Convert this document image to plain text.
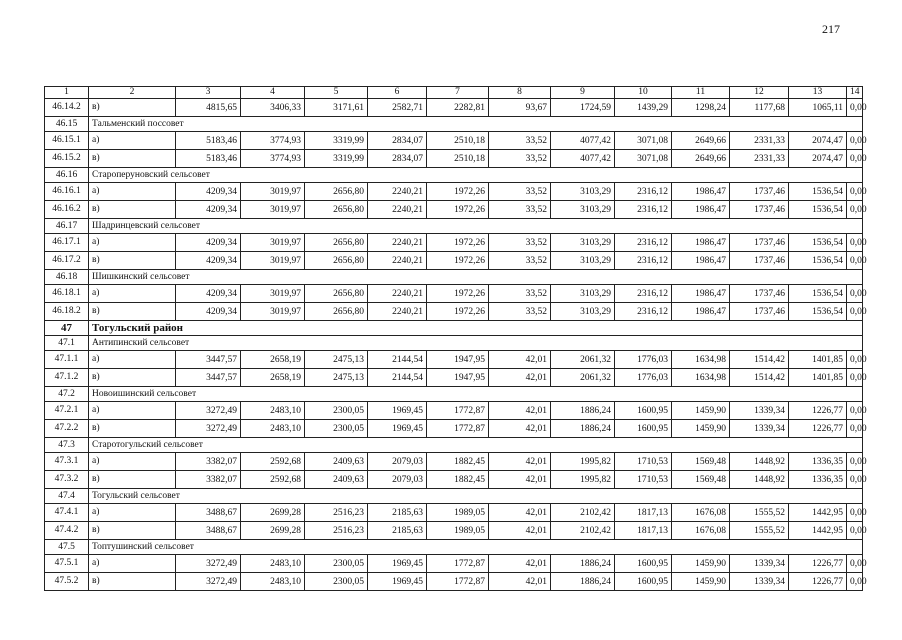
217
1	2	3	4	5	6	7	8	9	10	11	12	13	14
46.14.2	в)	4815,65	3406,33	3171,61	2582,71	2282,81	93,67	1724,59	1439,29	1298,24	1177,68	1065,11	0,00
46.15	Тальменский поссовет												
46.15.1	а)	5183,46	3774,93	3319,99	2834,07	2510,18	33,52	4077,42	3071,08	2649,66	2331,33	2074,47	0,00
46.15.2	в)	5183,46	3774,93	3319,99	2834,07	2510,18	33,52	4077,42	3071,08	2649,66	2331,33	2074,47	0,00
46.16	Староперуновский сельсовет												
46.16.1	а)	4209,34	3019,97	2656,80	2240,21	1972,26	33,52	3103,29	2316,12	1986,47	1737,46	1536,54	0,00
46.16.2	в)	4209,34	3019,97	2656,80	2240,21	1972,26	33,52	3103,29	2316,12	1986,47	1737,46	1536,54	0,00
46.17	Шадринцевский сельсовет												
46.17.1	а)	4209,34	3019,97	2656,80	2240,21	1972,26	33,52	3103,29	2316,12	1986,47	1737,46	1536,54	0,00
46.17.2	в)	4209,34	3019,97	2656,80	2240,21	1972,26	33,52	3103,29	2316,12	1986,47	1737,46	1536,54	0,00
46.18	Шишкинский сельсовет												
46.18.1	а)	4209,34	3019,97	2656,80	2240,21	1972,26	33,52	3103,29	2316,12	1986,47	1737,46	1536,54	0,00
46.18.2	в)	4209,34	3019,97	2656,80	2240,21	1972,26	33,52	3103,29	2316,12	1986,47	1737,46	1536,54	0,00
47	Тогульский район												
47.1	Антипинский сельсовет												
47.1.1	а)	3447,57	2658,19	2475,13	2144,54	1947,95	42,01	2061,32	1776,03	1634,98	1514,42	1401,85	0,00
47.1.2	в)	3447,57	2658,19	2475,13	2144,54	1947,95	42,01	2061,32	1776,03	1634,98	1514,42	1401,85	0,00
47.2	Новоишинский сельсовет												
47.2.1	а)	3272,49	2483,10	2300,05	1969,45	1772,87	42,01	1886,24	1600,95	1459,90	1339,34	1226,77	0,00
47.2.2	в)	3272,49	2483,10	2300,05	1969,45	1772,87	42,01	1886,24	1600,95	1459,90	1339,34	1226,77	0,00
47.3	Старотогульский сельсовет												
47.3.1	а)	3382,07	2592,68	2409,63	2079,03	1882,45	42,01	1995,82	1710,53	1569,48	1448,92	1336,35	0,00
47.3.2	в)	3382,07	2592,68	2409,63	2079,03	1882,45	42,01	1995,82	1710,53	1569,48	1448,92	1336,35	0,00
47.4	Тогульский сельсовет												
47.4.1	а)	3488,67	2699,28	2516,23	2185,63	1989,05	42,01	2102,42	1817,13	1676,08	1555,52	1442,95	0,00
47.4.2	в)	3488,67	2699,28	2516,23	2185,63	1989,05	42,01	2102,42	1817,13	1676,08	1555,52	1442,95	0,00
47.5	Топтушинский сельсовет												
47.5.1	а)	3272,49	2483,10	2300,05	1969,45	1772,87	42,01	1886,24	1600,95	1459,90	1339,34	1226,77	0,00
47.5.2	в)	3272,49	2483,10	2300,05	1969,45	1772,87	42,01	1886,24	1600,95	1459,90	1339,34	1226,77	0,00
